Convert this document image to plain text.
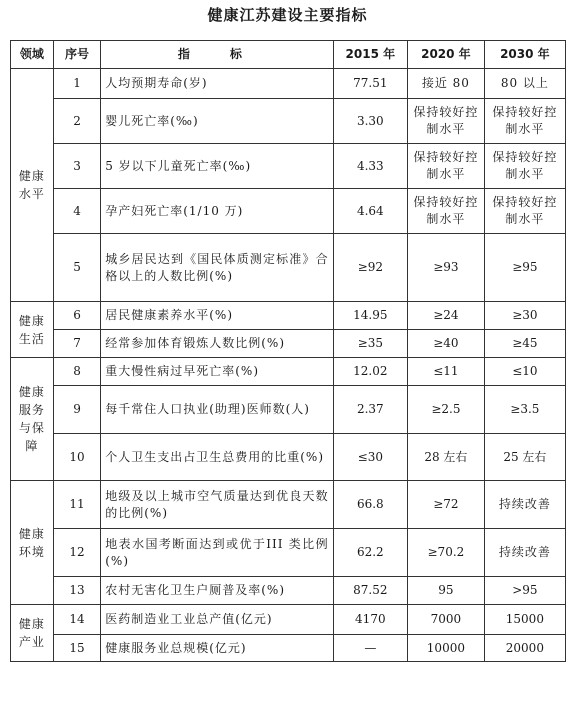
健康江苏建设主要指标
领域	序号	指　标	2015 年	2020 年	2030 年
健康水平	1	人均预期寿命(岁)	77.51	接近 80	80 以上
	2	婴儿死亡率(‰)	3.30	保持较好控制水平	保持较好控制水平
	3	5 岁以下儿童死亡率(‰)	4.33	保持较好控制水平	保持较好控制水平
	4	孕产妇死亡率(1/10 万)	4.64	保持较好控制水平	保持较好控制水平
	5	城乡居民达到《国民体质测定标准》合格以上的人数比例(%)	≥92	≥93	≥95
健康生活	6	居民健康素养水平(%)	14.95	≥24	≥30
	7	经常参加体育锻炼人数比例(%)	≥35	≥40	≥45
健康服务与保障	8	重大慢性病过早死亡率(%)	12.02	≤11	≤10
	9	每千常住人口执业(助理)医师数(人)	2.37	≥2.5	≥3.5
	10	个人卫生支出占卫生总费用的比重(%)	≤30	28 左右	25 左右
健康环境	11	地级及以上城市空气质量达到优良天数的比例(%)	66.8	≥72	持续改善
	12	地表水国考断面达到或优于III 类比例(%)	62.2	≥70.2	持续改善
	13	农村无害化卫生户厕普及率(%)	87.52	95	>95
健康产业	14	医药制造业工业总产值(亿元)	4170	7000	15000
	15	健康服务业总规模(亿元)	—	10000	20000
